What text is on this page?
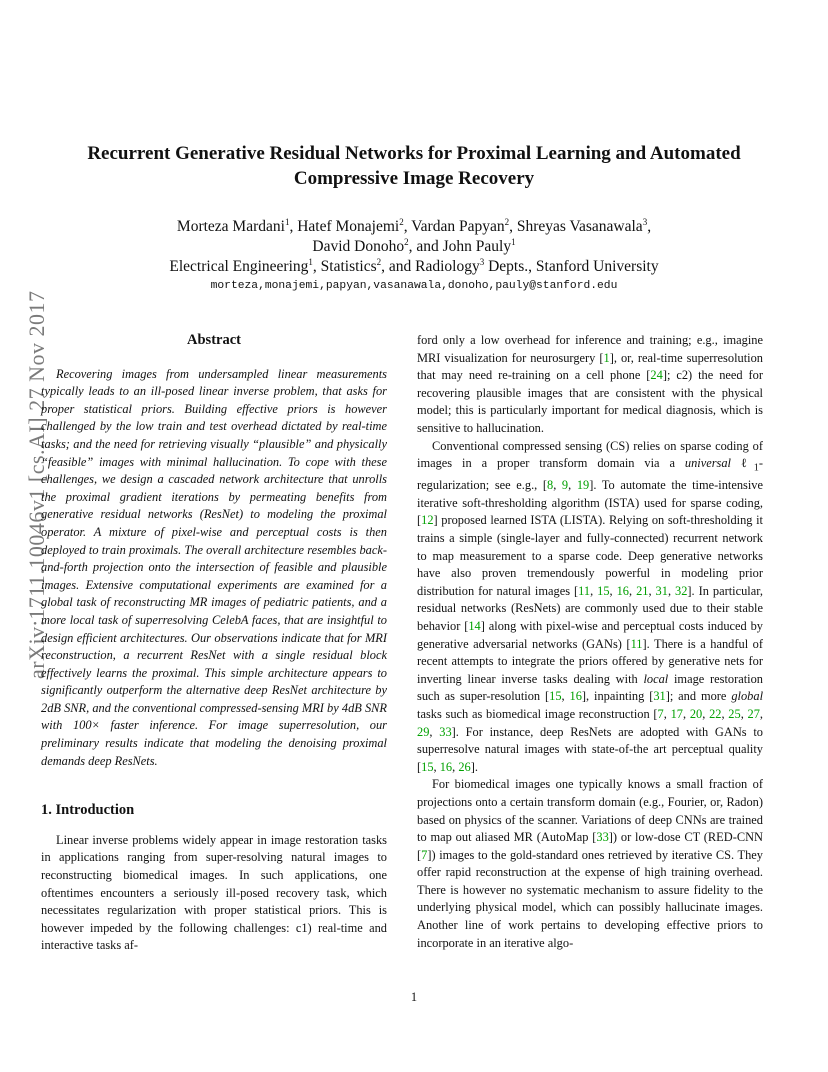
arXiv:1711.10046v1 [cs.AI] 27 Nov 2017
Recurrent Generative Residual Networks for Proximal Learning and Automated
Compressive Image Recovery
Morteza Mardani$^1$, Hatef Monajemi$^2$, Vardan Papyan$^2$, Shreyas Vasanawala$^3$,
David Donoho$^2$, and John Pauly$^1$
Electrical Engineering$^1$, Statistics$^2$, and Radiology$^3$ Depts., Stanford University
morteza,monajemi,papyan,vasanawala,donoho,pauly@stanford.edu
Abstract

Recovering images from undersampled linear measurements typically leads to an ill-posed linear inverse problem, that asks for proper statistical priors. Building effective priors is however challenged by the low train and test overhead dictated by real-time tasks; and the need for retrieving visually “plausible” and physically “feasible” images with minimal hallucination. To cope with these challenges, we design a cascaded network architecture that unrolls the proximal gradient iterations by permeating benefits from generative residual networks (ResNet) to modeling the proximal operator. A mixture of pixel-wise and perceptual costs is then deployed to train proximals. The overall architecture resembles back-and-forth projection onto the intersection of feasible and plausible images. Extensive computational experiments are examined for a global task of reconstructing MR images of pediatric patients, and a more local task of superresolving CelebA faces, that are insightful to design efficient architectures. Our observations indicate that for MRI reconstruction, a recurrent ResNet with a single residual block effectively learns the proximal. This simple architecture appears to significantly outperform the alternative deep ResNet architecture by 2dB SNR, and the conventional compressed-sensing MRI by 4dB SNR with 100× faster inference. For image superresolution, our preliminary results indicate that modeling the denoising proximal demands deep ResNets.

1. Introduction

Linear inverse problems widely appear in image restoration tasks in applications ranging from super-resolving natural images to reconstructing biomedical images. In such applications, one oftentimes encounters a seriously ill-posed recovery task, which necessitates regularization with proper statistical priors. This is however impeded by the following challenges: c1) real-time and interactive tasks af-

ford only a low overhead for inference and training; e.g., imagine MRI visualization for neurosurgery [1], or, real-time superresolution that may need re-training on a cell phone [24]; c2) the need for recovering plausible images that are consistent with the physical model; this is particularly important for medical diagnosis, which is sensitive to hallucination.

Conventional compressed sensing (CS) relies on sparse coding of images in a proper transform domain via a universal ℓ$_1$-regularization; see e.g., [8, 9, 19]. To automate the time-intensive iterative soft-thresholding algorithm (ISTA) used for sparse coding, [12] proposed learned ISTA (LISTA). Relying on soft-thresholding it trains a simple (single-layer and fully-connected) recurrent network to map measurement to a sparse code. Deep generative networks have also proven tremendously powerful in modeling prior distribution for natural images [11, 15, 16, 21, 31, 32]. In particular, residual networks (ResNets) are commonly used due to their stable behavior [14] along with pixel-wise and perceptual costs induced by generative adversarial networks (GANs) [11]. There is a handful of recent attempts to integrate the priors offered by generative nets for inverting linear inverse tasks dealing with local image restoration such as super-resolution [15, 16], inpainting [31]; and more global tasks such as biomedical image reconstruction [7, 17, 20, 22, 25, 27, 29, 33]. For instance, deep ResNets are adopted with GANs to superresolve natural images with state-of-the art perceptual quality [15, 16, 26].

For biomedical images one typically knows a small fraction of projections onto a certain transform domain (e.g., Fourier, or, Radon) based on physics of the scanner. Variations of deep CNNs are trained to map out aliased MR (AutoMap [33]) or low-dose CT (RED-CNN [7]) images to the gold-standard ones retrieved by iterative CS. They offer rapid reconstruction at the expense of high training overhead. There is however no systematic mechanism to assure fidelity to the underlying physical model, which can possibly hallucinate images. Another line of work pertains to developing effective priors to incorporate in an iterative algo-

1
